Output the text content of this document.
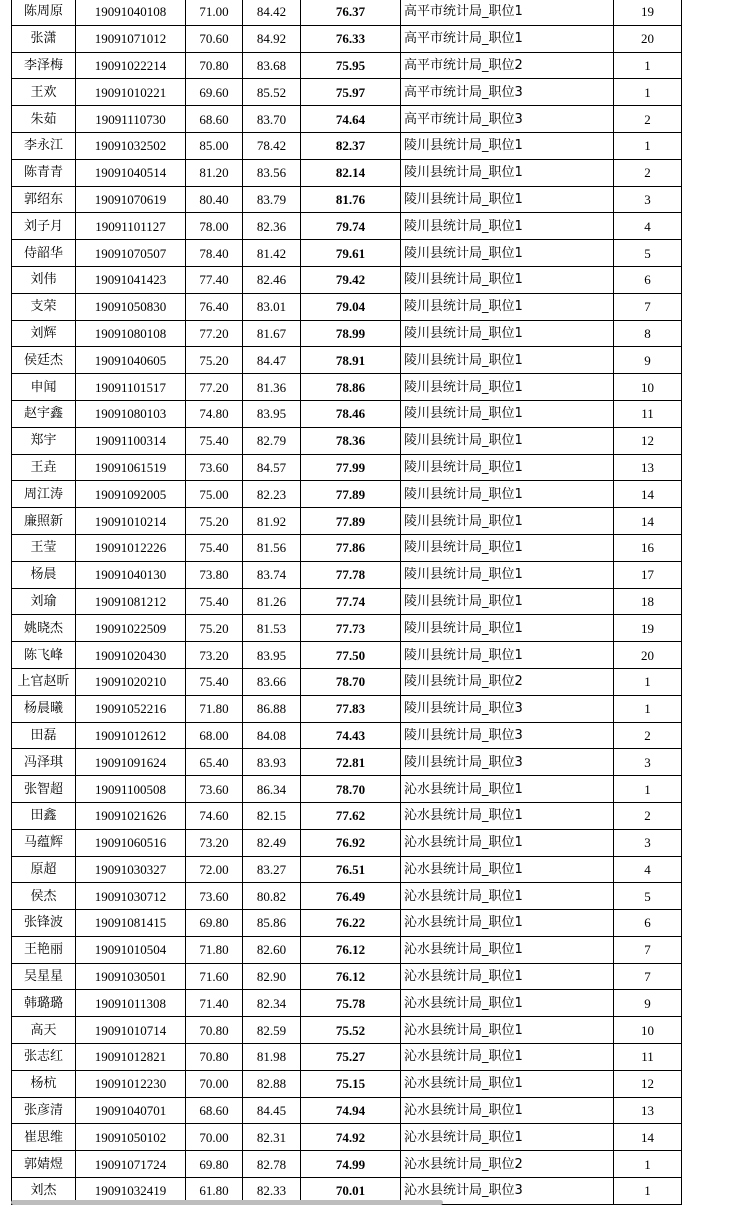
陈周原	19091040108	71.00	84.42	76.37	高平市统计局_职位1	19
张潇	19091071012	70.60	84.92	76.33	高平市统计局_职位1	20
李泽梅	19091022214	70.80	83.68	75.95	高平市统计局_职位2	1
王欢	19091010221	69.60	85.52	75.97	高平市统计局_职位3	1
朱茹	19091110730	68.60	83.70	74.64	高平市统计局_职位3	2
李永江	19091032502	85.00	78.42	82.37	陵川县统计局_职位1	1
陈青青	19091040514	81.20	83.56	82.14	陵川县统计局_职位1	2
郭绍东	19091070619	80.40	83.79	81.76	陵川县统计局_职位1	3
刘子月	19091101127	78.00	82.36	79.74	陵川县统计局_职位1	4
侍韶华	19091070507	78.40	81.42	79.61	陵川县统计局_职位1	5
刘伟	19091041423	77.40	82.46	79.42	陵川县统计局_职位1	6
支荣	19091050830	76.40	83.01	79.04	陵川县统计局_职位1	7
刘辉	19091080108	77.20	81.67	78.99	陵川县统计局_职位1	8
侯廷杰	19091040605	75.20	84.47	78.91	陵川县统计局_职位1	9
申闻	19091101517	77.20	81.36	78.86	陵川县统计局_职位1	10
赵宇鑫	19091080103	74.80	83.95	78.46	陵川县统计局_职位1	11
郑宇	19091100314	75.40	82.79	78.36	陵川县统计局_职位1	12
王垚	19091061519	73.60	84.57	77.99	陵川县统计局_职位1	13
周江涛	19091092005	75.00	82.23	77.89	陵川县统计局_职位1	14
廉照新	19091010214	75.20	81.92	77.89	陵川县统计局_职位1	14
王莹	19091012226	75.40	81.56	77.86	陵川县统计局_职位1	16
杨晨	19091040130	73.80	83.74	77.78	陵川县统计局_职位1	17
刘瑜	19091081212	75.40	81.26	77.74	陵川县统计局_职位1	18
姚晓杰	19091022509	75.20	81.53	77.73	陵川县统计局_职位1	19
陈飞峰	19091020430	73.20	83.95	77.50	陵川县统计局_职位1	20
上官赵昕	19091020210	75.40	83.66	78.70	陵川县统计局_职位2	1
杨晨曦	19091052216	71.80	86.88	77.83	陵川县统计局_职位3	1
田磊	19091012612	68.00	84.08	74.43	陵川县统计局_职位3	2
冯泽琪	19091091624	65.40	83.93	72.81	陵川县统计局_职位3	3
张智超	19091100508	73.60	86.34	78.70	沁水县统计局_职位1	1
田鑫	19091021626	74.60	82.15	77.62	沁水县统计局_职位1	2
马蕴辉	19091060516	73.20	82.49	76.92	沁水县统计局_职位1	3
原超	19091030327	72.00	83.27	76.51	沁水县统计局_职位1	4
侯杰	19091030712	73.60	80.82	76.49	沁水县统计局_职位1	5
张锋波	19091081415	69.80	85.86	76.22	沁水县统计局_职位1	6
王艳丽	19091010504	71.80	82.60	76.12	沁水县统计局_职位1	7
吴星星	19091030501	71.60	82.90	76.12	沁水县统计局_职位1	7
韩璐璐	19091011308	71.40	82.34	75.78	沁水县统计局_职位1	9
高天	19091010714	70.80	82.59	75.52	沁水县统计局_职位1	10
张志红	19091012821	70.80	81.98	75.27	沁水县统计局_职位1	11
杨杭	19091012230	70.00	82.88	75.15	沁水县统计局_职位1	12
张彦清	19091040701	68.60	84.45	74.94	沁水县统计局_职位1	13
崔思维	19091050102	70.00	82.31	74.92	沁水县统计局_职位1	14
郭婧煜	19091071724	69.80	82.78	74.99	沁水县统计局_职位2	1
刘杰	19091032419	61.80	82.33	70.01	沁水县统计局_职位3	1
